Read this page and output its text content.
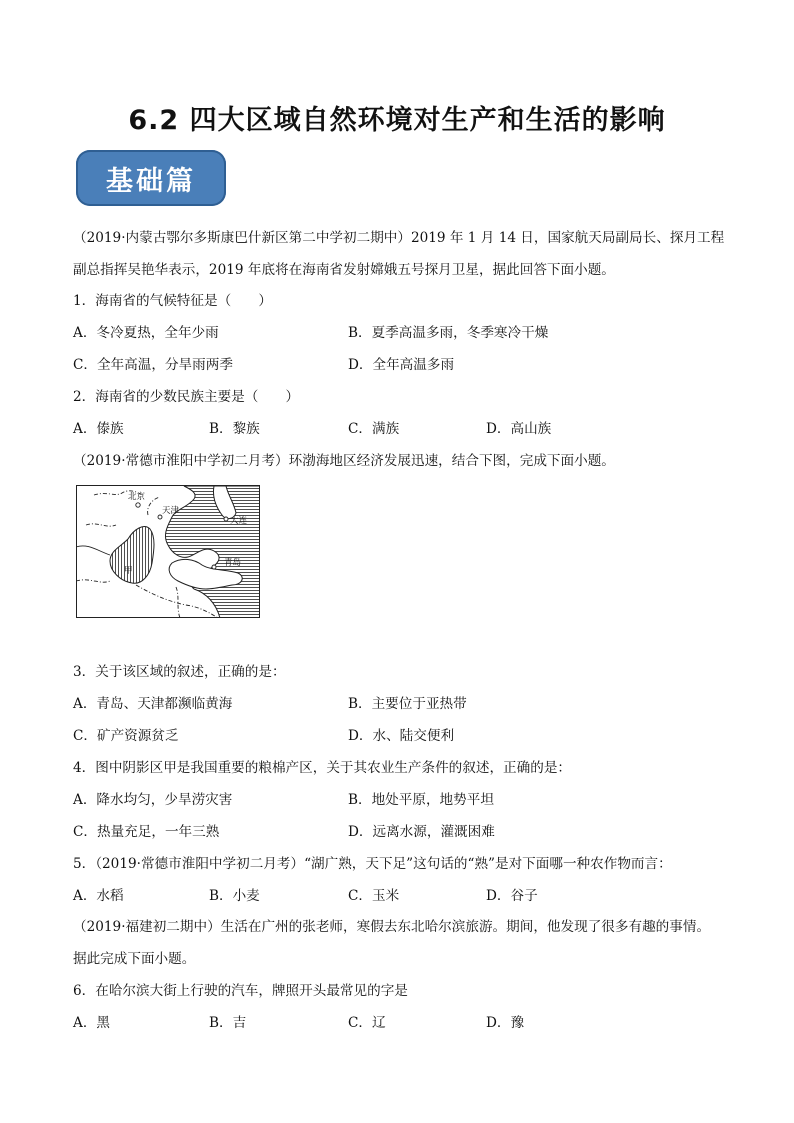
6.2 四大区域自然环境对生产和生活的影响
基础篇
（2019·内蒙古鄂尔多斯康巴什新区第二中学初二期中）2019 年 1 月 14 日，国家航天局副局长、探月工程
副总指挥吴艳华表示，2019 年底将在海南省发射嫦娥五号探月卫星，据此回答下面小题。
1．海南省的气候特征是（　　）
A．冬冷夏热，全年少雨	B．夏季高温多雨，冬季寒冷干燥
C．全年高温，分旱雨两季	D．全年高温多雨
2．海南省的少数民族主要是（　　）
A．傣族	B．黎族	C．满族	D．高山族
（2019·常德市淮阳中学初二月考）环渤海地区经济发展迅速，结合下图，完成下面小题。
北京
天津
大连
青岛
甲
3．关于该区域的叙述，正确的是：
A．青岛、天津都濒临黄海	B．主要位于亚热带
C．矿产资源贫乏	D．水、陆交便利
4．图中阴影区甲是我国重要的粮棉产区，关于其农业生产条件的叙述，正确的是：
A．降水均匀，少旱涝灾害	B．地处平原，地势平坦
C．热量充足，一年三熟	D．远离水源，灌溉困难
5．（2019·常德市淮阳中学初二月考）“湖广熟，天下足”这句话的“熟”是对下面哪一种农作物而言：
A．水稻	B．小麦	C．玉米	D．谷子
（2019·福建初二期中）生活在广州的张老师，寒假去东北哈尔滨旅游。期间，他发现了很多有趣的事情。
据此完成下面小题。
6．在哈尔滨大街上行驶的汽车，牌照开头最常见的字是
A．黑	B．吉	C．辽	D．豫
